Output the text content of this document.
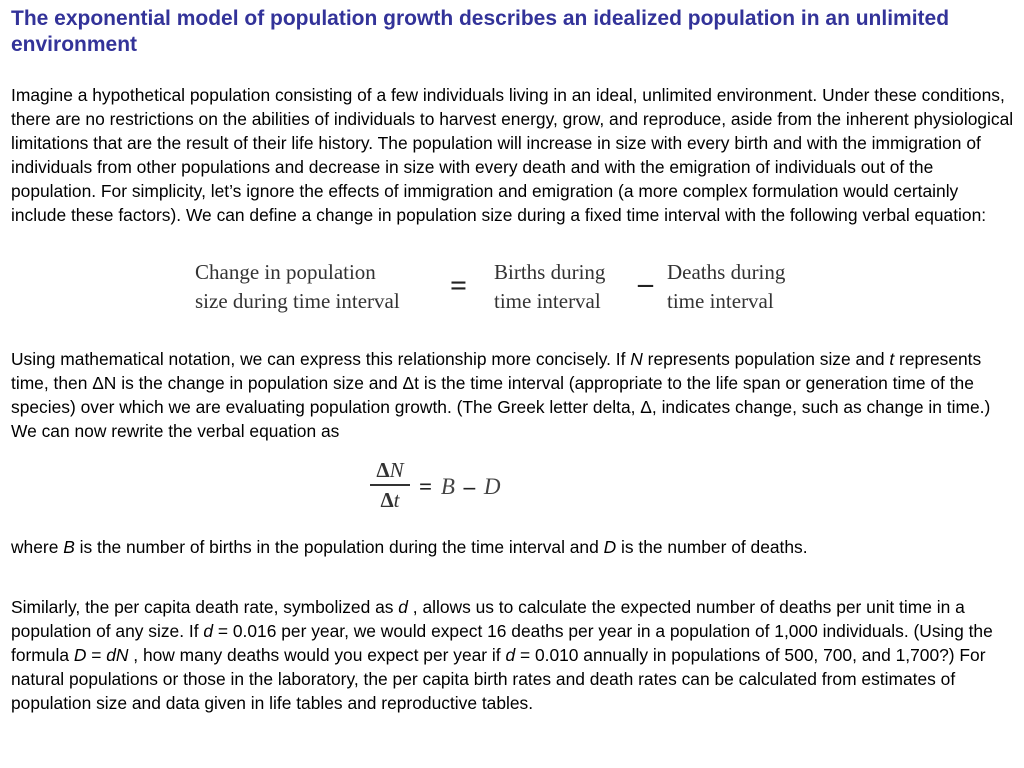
The exponential model of population growth describes an idealized population in an unlimited environment

Imagine a hypothetical population consisting of a few individuals living in an ideal, unlimited environment. Under these conditions, there are no restrictions on the abilities of individuals to harvest energy, grow, and reproduce, aside from the inherent physiological limitations that are the result of their life history. The population will increase in size with every birth and with the immigration of individuals from other populations and decrease in size with every death and with the emigration of individuals out of the population. For simplicity, let’s ignore the effects of immigration and emigration (a more complex formulation would certainly include these factors). We can define a change in population size during a fixed time interval with the following verbal equation:

Change in population
size during time interval = Births during
time interval
– Deaths during
time interval

Using mathematical notation, we can express this relationship more concisely. If N represents population size and t represents time, then ΔN is the change in population size and Δt is the time interval (appropriate to the life span or generation time of the species) over which we are evaluating population growth. (The Greek letter delta, Δ, indicates change, such as change in time.) We can now rewrite the verbal equation as

ΔN
Δt
= B – D

where B is the number of births in the population during the time interval and D is the number of deaths.

Similarly, the per capita death rate, symbolized as d , allows us to calculate the expected number of deaths per unit time in a population of any size. If d = 0.016 per year, we would expect 16 deaths per year in a population of 1,000 individuals. (Using the formula D = dN , how many deaths would you expect per year if d = 0.010 annually in populations of 500, 700, and 1,700?) For natural populations or those in the laboratory, the per capita birth rates and death rates can be calculated from estimates of population size and data given in life tables and reproductive tables.
